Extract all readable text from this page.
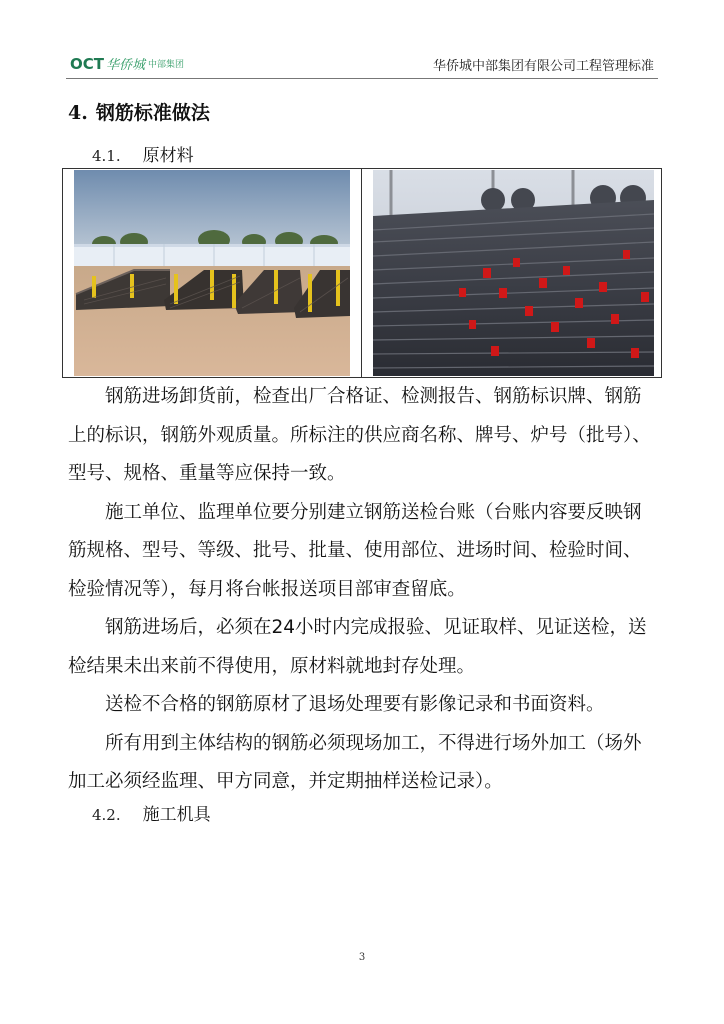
OCT 华侨城 中部集团	华侨城中部集团有限公司工程管理标准
4. 钢筋标准做法
4.1. 原材料

钢筋进场卸货前，检查出厂合格证、检测报告、钢筋标识牌、钢筋上的标识，钢筋外观质量。所标注的供应商名称、牌号、炉号（批号）、型号、规格、重量等应保持一致。

施工单位、监理单位要分别建立钢筋送检台账（台账内容要反映钢筋规格、型号、等级、批号、批量、使用部位、进场时间、检验时间、检验情况等），每月将台帐报送项目部审查留底。

钢筋进场后，必须在24小时内完成报验、见证取样、见证送检，送检结果未出来前不得使用，原材料就地封存处理。

送检不合格的钢筋原材了退场处理要有影像记录和书面资料。

所有用到主体结构的钢筋必须现场加工，不得进行场外加工（场外加工必须经监理、甲方同意，并定期抽样送检记录）。

4.2. 施工机具
3
